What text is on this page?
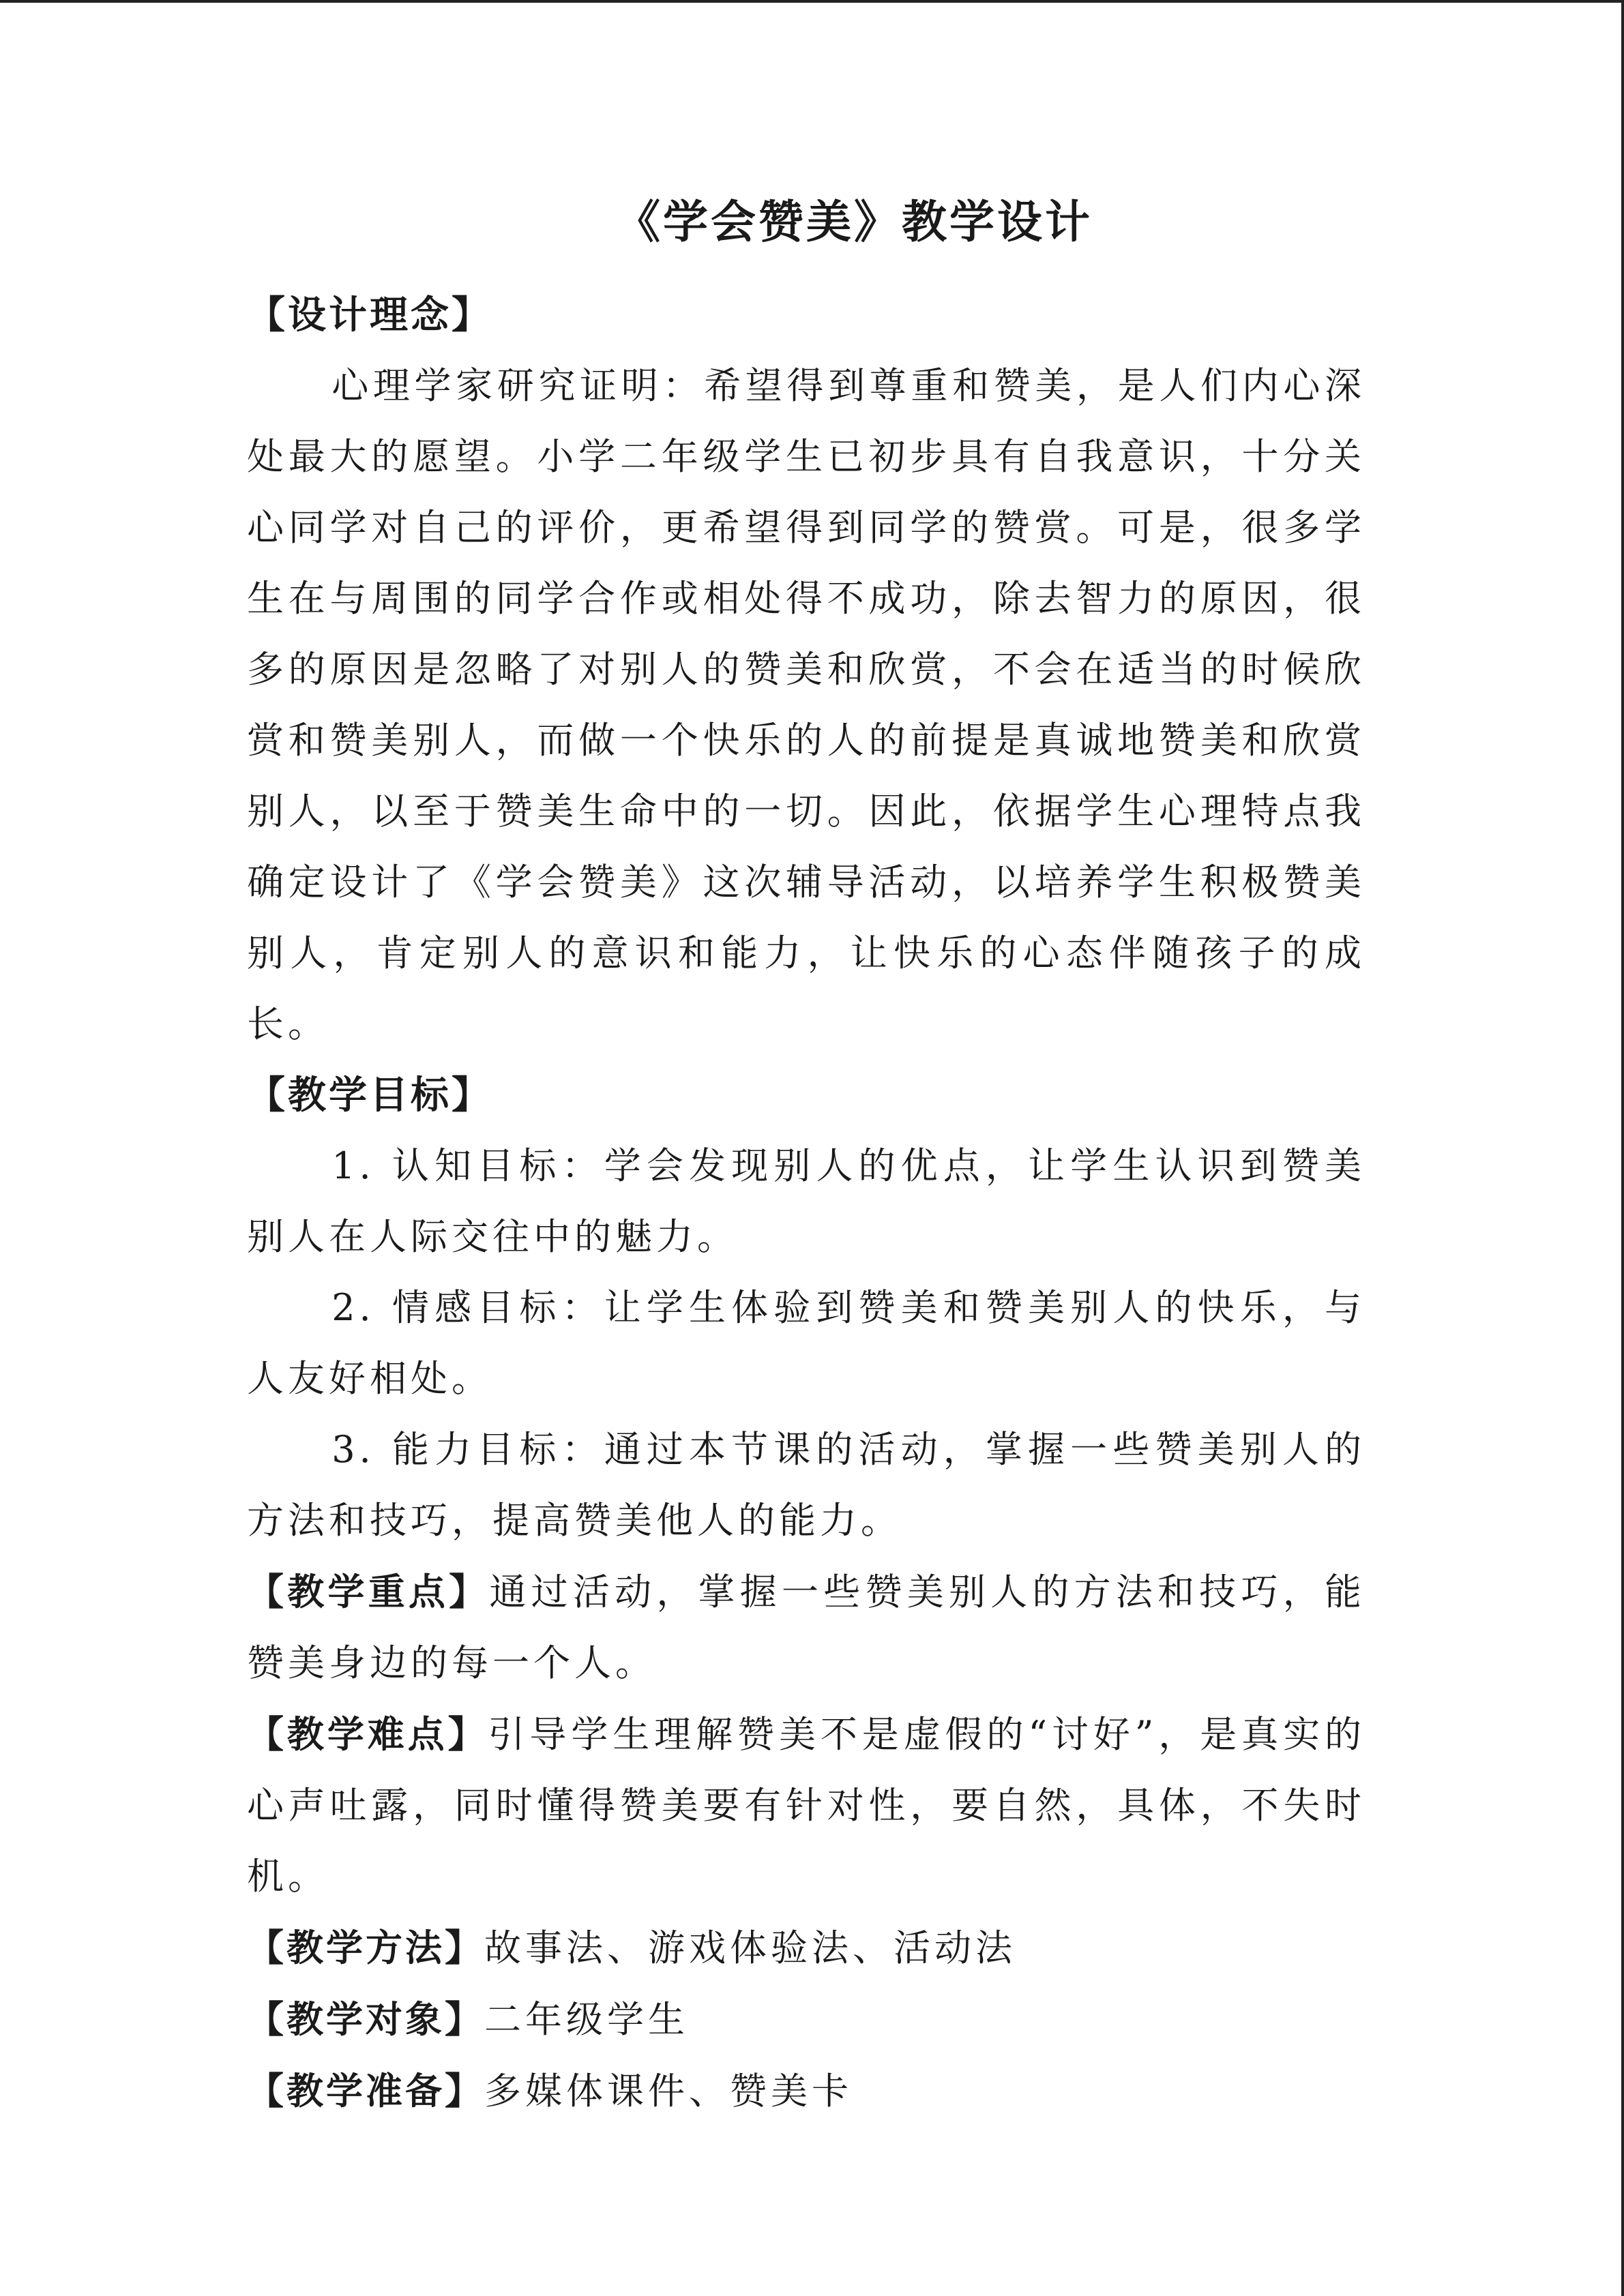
《学会赞美》教学设计
【设计理念】

心理学家研究证明：希望得到尊重和赞美，是人们内心深处最大的愿望。小学二年级学生已初步具有自我意识，十分关心同学对自己的评价，更希望得到同学的赞赏。可是，很多学生在与周围的同学合作或相处得不成功，除去智力的原因，很多的原因是忽略了对别人的赞美和欣赏，不会在适当的时候欣赏和赞美别人，而做一个快乐的人的前提是真诚地赞美和欣赏别人，以至于赞美生命中的一切。因此，依据学生心理特点我确定设计了《学会赞美》这次辅导活动，以培养学生积极赞美别人，肯定别人的意识和能力，让快乐的心态伴随孩子的成长。

【教学目标】

1. 认知目标：学会发现别人的优点，让学生认识到赞美别人在人际交往中的魅力。

2. 情感目标：让学生体验到赞美和赞美别人的快乐，与人友好相处。

3. 能力目标：通过本节课的活动，掌握一些赞美别人的方法和技巧，提高赞美他人的能力。

【教学重点】通过活动，掌握一些赞美别人的方法和技巧，能赞美身边的每一个人。

【教学难点】引导学生理解赞美不是虚假的“讨好”，是真实的心声吐露，同时懂得赞美要有针对性，要自然，具体，不失时机。

【教学方法】故事法、游戏体验法、活动法

【教学对象】二年级学生

【教学准备】多媒体课件、赞美卡
